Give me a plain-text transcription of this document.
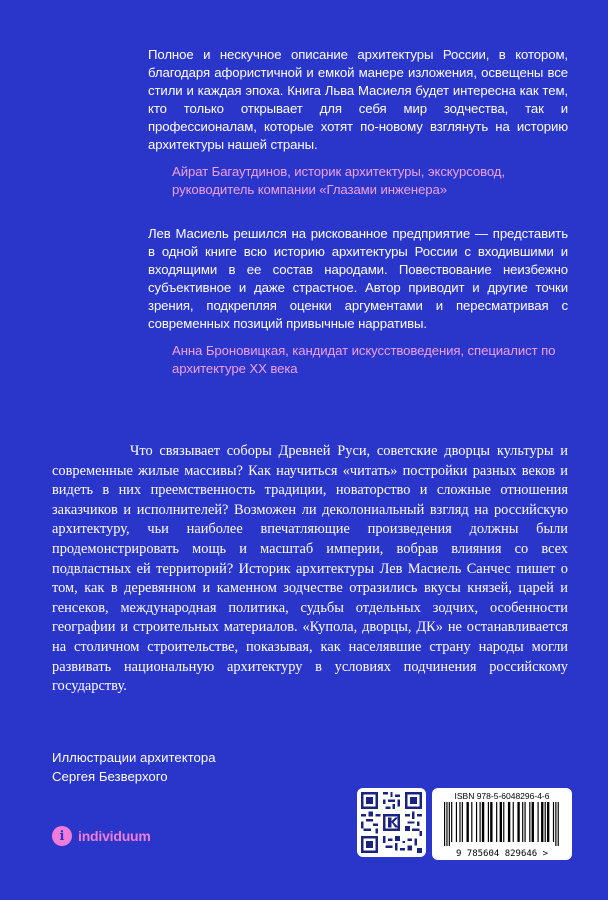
Полное и нескучное описание архитектуры России, в котором, благодаря афористичной и емкой манере изложения, освещены все стили и каждая эпоха. Книга Льва Масиеля будет интересна как тем, кто только открывает для себя мир зодчества, так и профессионалам, которые хотят по-новому взглянуть на историю архитектуры нашей страны.

Айрат Багаутдинов, историк архитектуры, экскурсовод, руководитель компании «Глазами инженера»

Лев Масиель решился на рискованное предприятие — представить в одной книге всю историю архитектуры России с входившими и входящими в ее состав народами. Повествование неизбежно субъективное и даже страстное. Автор приводит и другие точки зрения, подкрепляя оценки аргументами и пересматривая с современных позиций привычные нарративы.

Анна Броновицкая, кандидат искусствоведения, специалист по архитектуре XX века

Что связывает соборы Древней Руси, советские дворцы культуры и современные жилые массивы? Как научиться «читать» постройки разных веков и видеть в них преемственность традиции, новаторство и сложные отношения заказчиков и исполнителей? Возможен ли деколониальный взгляд на российскую архитектуру, чьи наиболее впечатляющие произведения должны были продемонстрировать мощь и масштаб империи, вобрав влияния со всех подвластных ей территорий? Историк архитектуры Лев Масиель Санчес пишет о том, как в деревянном и каменном зодчестве отразились вкусы князей, царей и генсеков, международная политика, судьбы отдельных зодчих, особенности географии и строительных материалов. «Купола, дворцы, ДК» не останавливается на столичном строительстве, показывая, как населявшие страну народы могли развивать национальную архитектуру в условиях подчинения российскому государству.

Иллюстрации архитектора
Сергея Безверхого
i individuum
ISBN 978-5-6048296-4-6
9 785604 829646 >
